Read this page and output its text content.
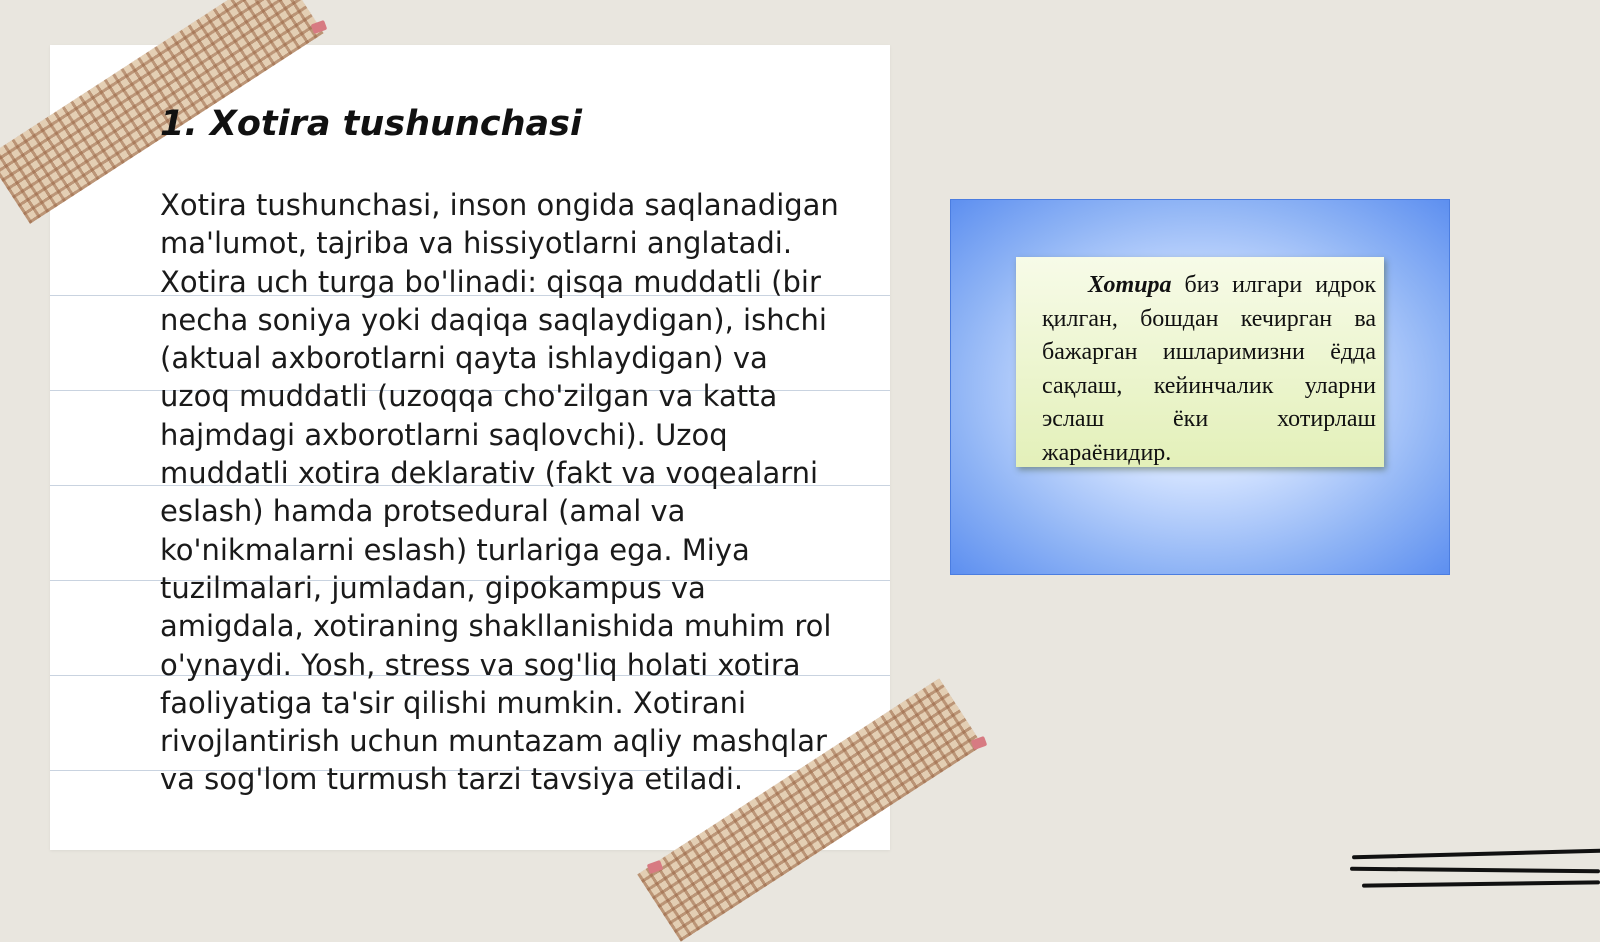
1. Xotira tushunchasi

Xotira tushunchasi, inson ongida saqlanadigan ma'lumot, tajriba va hissiyotlarni anglatadi. Xotira uch turga bo'linadi: qisqa muddatli (bir necha soniya yoki daqiqa saqlaydigan), ishchi (aktual axborotlarni qayta ishlaydigan) va uzoq muddatli (uzoqqa cho'zilgan va katta hajmdagi axborotlarni saqlovchi). Uzoq muddatli xotira deklarativ (fakt va voqealarni eslash) hamda protsedural (amal va ko'nikmalarni eslash) turlariga ega. Miya tuzilmalari, jumladan, gipokampus va amigdala, xotiraning shakllanishida muhim rol o'ynaydi. Yosh, stress va sog'liq holati xotira faoliyatiga ta'sir qilishi mumkin. Xotirani rivojlantirish uchun muntazam aqliy mashqlar va sog'lom turmush tarzi tavsiya etiladi.

Хотира биз илгари идрок қилган, бошдан кечирган ва бажарган ишларимизни ёдда сақлаш, кейинчалик уларни эслаш ёки хотирлаш жараёнидир.
